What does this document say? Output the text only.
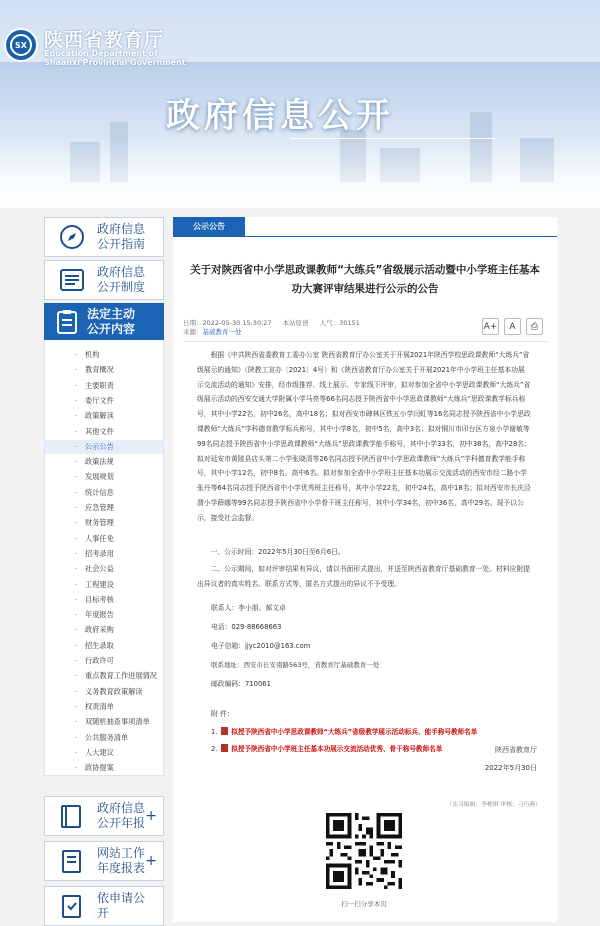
SX 陕西省教育厅
Education Department of
Shaanxi Provincial Government
政府信息公开
政府信息公开指南
政府信息公开制度
法定主动公开内容
· 机构
· 教育概况
· 主要职责
· 委厅文件
· 政策解读
· 其他文件
· 公示公告
· 政策法规
· 发展规划
· 统计信息
· 应急管理
· 财务管理
· 人事任免
· 招考录用
· 社会公益
· 工程建设
· 目标考核
· 年度报告
· 政府采购
· 招生录取
· 行政许可
· 重点教育工作进展情况
· 义务教育政策解读
· 权责清单
· 双随机抽查事项清单
· 公共服务清单
· 人大建议
· 政协提案
政府信息公开年报 +
网站工作年度报表 +
依申请公开
公示公告
关于对陕西省中小学思政课教师“大练兵”省级展示活动暨中小学班主任基本
功大赛评审结果进行公示的公告
日期：2022-05-30 15:30:27 本站原创 人气：30151
来源：基础教育一处
A+	A	⎙
根据《中共陕西省委教育工委办公室 陕西省教育厅办公室关于开展2021年陕西学校思政课教师“大练兵”省级展示的通知》（陕教工宣办〔2021〕4号）和《陕西省教育厅办公室关于开展2021年中小学班主任基本功展示交流活动的通知》安排，经市级推荐、线上展示、专家线下评审，拟对参加全省中小学思政课教师“大练兵”省级展示活动的西安交通大学附属小学马亮等66名同志授予陕西省中小学思政课教师“大练兵”思政课教学标兵称号，其中小学22名，初中26名，高中18名；拟对西安市碑林区铁五小学闫虹等16名同志授予陕西省中小学思政课教师“大练兵”学科德育教学标兵称号，其中小学8名，初中5名，高中3名；拟对铜川市印台区方泉小学谢敏等99名同志授予陕西省中小学思政课教师“大练兵”思政课教学能手称号，其中小学33名，初中38名，高中28名；拟对延安市黄陵县店头第二小学张晓清等26名同志授予陕西省中小学思政课教师“大练兵”学科德育教学能手称号，其中小学12名，初中8名，高中6名。拟对参加全省中小学班主任基本功展示交流活动的西安市经二路小学张丹等64名同志授予陕西省中小学优秀班主任称号，其中小学22名，初中24名，高中18名；拟对西安市长庆泾渭小学薛娜等99名同志授予陕西省中小学骨干班主任称号，其中小学34名，初中36名，高中29名。现予以公示，接受社会监督。
一、公示时间：2022年5月30日至6月6日。
二、公示期间，如对评审结果有异议，请以书面形式提出，并送至陕西省教育厅基础教育一处。材料应附提出异议者的真实姓名、联系方式等，匿名方式提出的异议不予受理。
联系人：李小朋、郝文卓
电话：029-88668663
电子信箱：jjyc2010@163.com
联系地址：西安市长安南路563号，省教育厅基础教育一处
邮政编码：710061
附 件：
1. 拟授予陕西省中小学思政课教师“大练兵”省级教学展示活动标兵、能手称号教师名单
2. 拟授予陕西省中小学班主任基本功展示交流活动优秀、骨干称号教师名单	陕西省教育厅
2022年5月30日
（实习编辑：李梗琪 审核：刁巧燕）
扫一扫分享本页
